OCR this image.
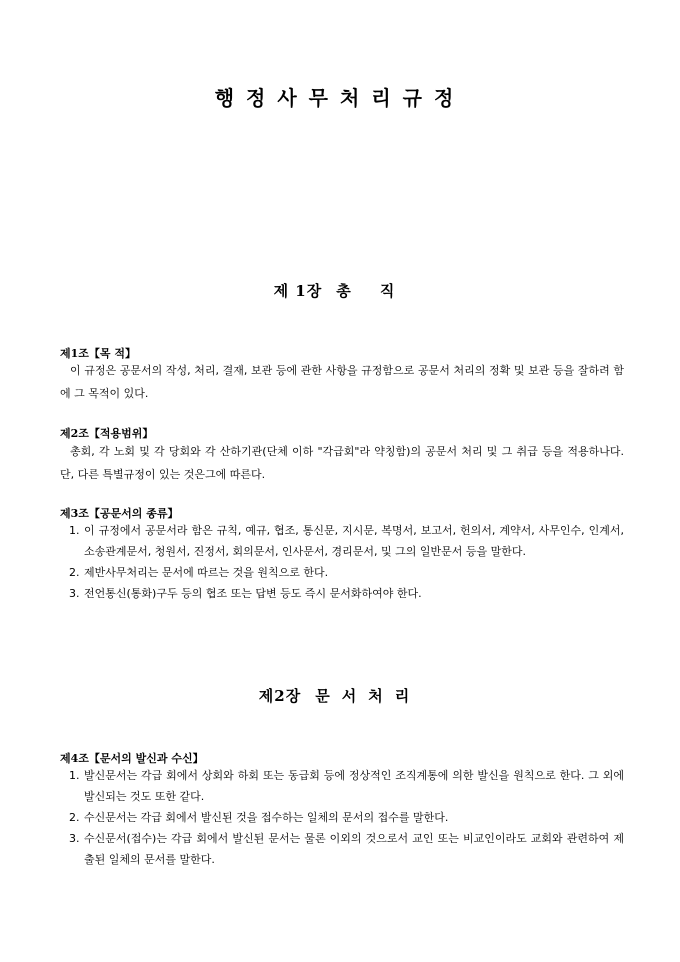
행정사무처리규정
제 1장 총 직
제1조【목 적】
이 규정은 공문서의 작성, 처리, 결재, 보관 등에 관한 사항을 규정함으로 공문서 처리의 정확 및 보관 등을 잘하려 함에 그 목적이 있다.
제2조【적용범위】
총회, 각 노회 및 각 당회와 각 산하기관(단체 이하 "각급회"라 약칭함)의 공문서 처리 및 그 취급 등을 적용하나다. 단, 다른 특별규정이 있는 것은그에 따른다.
제3조【공문서의 종류】
1. 이 규정에서 공문서라 함은 규칙, 예규, 협조, 통신문, 지시문, 복명서, 보고서, 헌의서, 계약서, 사무인수, 인계서, 소송관계문서, 청원서, 진정서, 회의문서, 인사문서, 경리문서, 및 그의 일반문서 등을 말한다.
2. 제반사무처리는 문서에 따르는 것을 원칙으로 한다.
3. 전언통신(통화)구두 등의 협조 또는 답변 등도 즉시 문서화하여야 한다.
제2장 문서처리
제4조【문서의 발신과 수신】
1. 발신문서는 각급 회에서 상회와 하회 또는 동급회 등에 정상적인 조직계통에 의한 발신을 원칙으로 한다. 그 외에 발신되는 것도 또한 같다.
2. 수신문서는 각급 회에서 발신된 것을 접수하는 일체의 문서의 접수를 말한다.
3. 수신문서(접수)는 각급 회에서 발신된 문서는 물론 이외의 것으로서 교인 또는 비교인이라도 교회와 관련하여 제출된 일체의 문서를 말한다.
